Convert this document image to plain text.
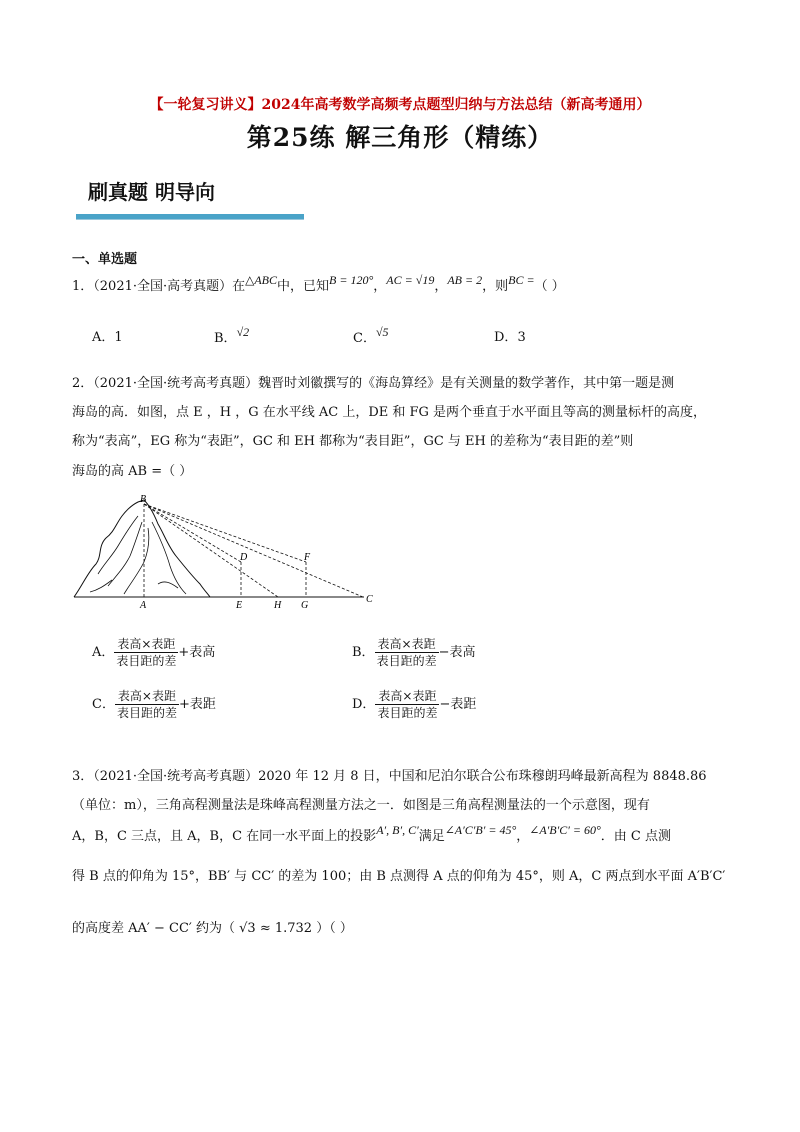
【一轮复习讲义】2024年高考数学高频考点题型归纳与方法总结（新高考通用）
第25练 解三角形（精练）
刷真题 明导向
一、单选题
1．（2021·全国·高考真题）在△ABC中，已知B = 120°，AC = √19，AB = 2，则BC =（ ）
A．1	B．√2	C．√5	D．3
2．（2021·全国·统考高考真题）魏晋时刘徽撰写的《海岛算经》是有关测量的数学著作，其中第一题是测
海岛的高．如图，点 E ，H ，G 在水平线 AC 上，DE 和 FG 是两个垂直于水平面且等高的测量标杆的高度，
称为“表高”，EG 称为“表距”，GC 和 EH 都称为“表目距”，GC 与 EH 的差称为“表目距的差”则
海岛的高 AB =（ ）
B
A
D
E	H
F
G
C
A． $\frac{\text{表高×表距}}{\text{表目距的差}}$ +表高	B． $\frac{\text{表高×表距}}{\text{表目距的差}}$ −表高
C． $\frac{\text{表高×表距}}{\text{表目距的差}}$ +表距	D． $\frac{\text{表高×表距}}{\text{表目距的差}}$ −表距
3．（2021·全国·统考高考真题）2020 年 12 月 8 日，中国和尼泊尔联合公布珠穆朗玛峰最新高程为 8848.86
（单位：m），三角高程测量法是珠峰高程测量方法之一．如图是三角高程测量法的一个示意图，现有
A，B，C 三点，且 A，B，C 在同一水平面上的投影A′, B′, C′满足∠A′C′B′ = 45°，∠A′B′C′ = 60°．由 C 点测
得 B 点的仰角为 15°，BB′ 与 CC′ 的差为 100；由 B 点测得 A 点的仰角为 45°，则 A，C 两点到水平面 A′B′C′
的高度差 AA′ − CC′ 约为（ √3 ≈ 1.732 ）（ ）
